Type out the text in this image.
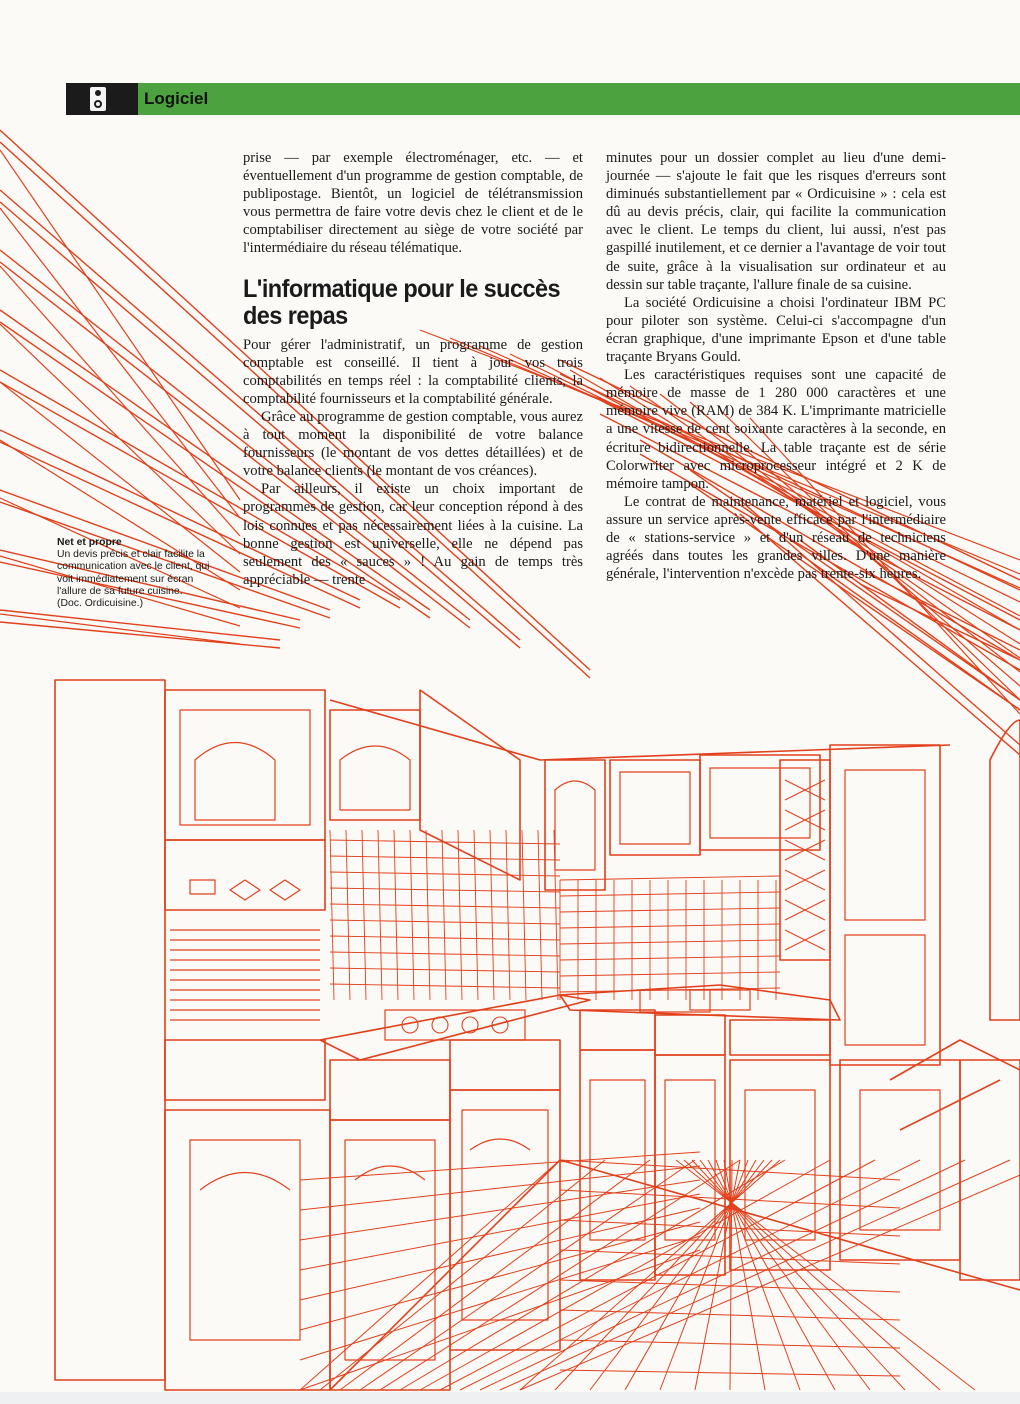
Logiciel
Net et propre
Un devis précis et clair facilite la communication avec le client, qui voit immédiatement sur écran l'allure de sa future cuisine.
(Doc. Ordicuisine.)

prise — par exemple électroménager, etc. — et éventuellement d'un programme de gestion comptable, de publipostage. Bientôt, un logiciel de télétransmission vous permettra de faire votre devis chez le client et de le comptabiliser directement au siège de votre société par l'intermédiaire du réseau télématique.

L'informatique pour le succès des repas

Pour gérer l'administratif, un programme de gestion comptable est conseillé. Il tient à jour vos trois comptabilités en temps réel : la comptabilité clients, la comptabilité fournisseurs et la comptabilité générale.

Grâce au programme de gestion comptable, vous aurez à tout moment la disponibilité de votre balance fournisseurs (le montant de vos dettes détaillées) et de votre balance clients (le montant de vos créances).

Par ailleurs, il existe un choix important de programmes de gestion, car leur conception répond à des lois connues et pas nécessairement liées à la cuisine. La bonne gestion est universelle, elle ne dépend pas seulement des « sauces » ! Au gain de temps très appréciable — trente

minutes pour un dossier complet au lieu d'une demi-journée — s'ajoute le fait que les risques d'erreurs sont diminués substantiellement par « Ordicuisine » : cela est dû au devis précis, clair, qui facilite la communication avec le client. Le temps du client, lui aussi, n'est pas gaspillé inutilement, et ce dernier a l'avantage de voir tout de suite, grâce à la visualisation sur ordinateur et au dessin sur table traçante, l'allure finale de sa cuisine.

La société Ordicuisine a choisi l'ordinateur IBM PC pour piloter son système. Celui-ci s'accompagne d'un écran graphique, d'une imprimante Epson et d'une table traçante Bryans Gould.

Les caractéristiques requises sont une capacité de mémoire de masse de 1 280 000 caractères et une mémoire vive (RAM) de 384 K. L'imprimante matricielle a une vitesse de cent soixante caractères à la seconde, en écriture bidirectionnelle. La table traçante est de série Colorwriter avec microprocesseur intégré et 2 K de mémoire tampon.

Le contrat de maintenance, matériel et logiciel, vous assure un service après-vente efficace par l'intermédiaire de « stations-service » et d'un réseau de techniciens agréés dans toutes les grandes villes. D'une manière générale, l'intervention n'excède pas trente-six heures.
